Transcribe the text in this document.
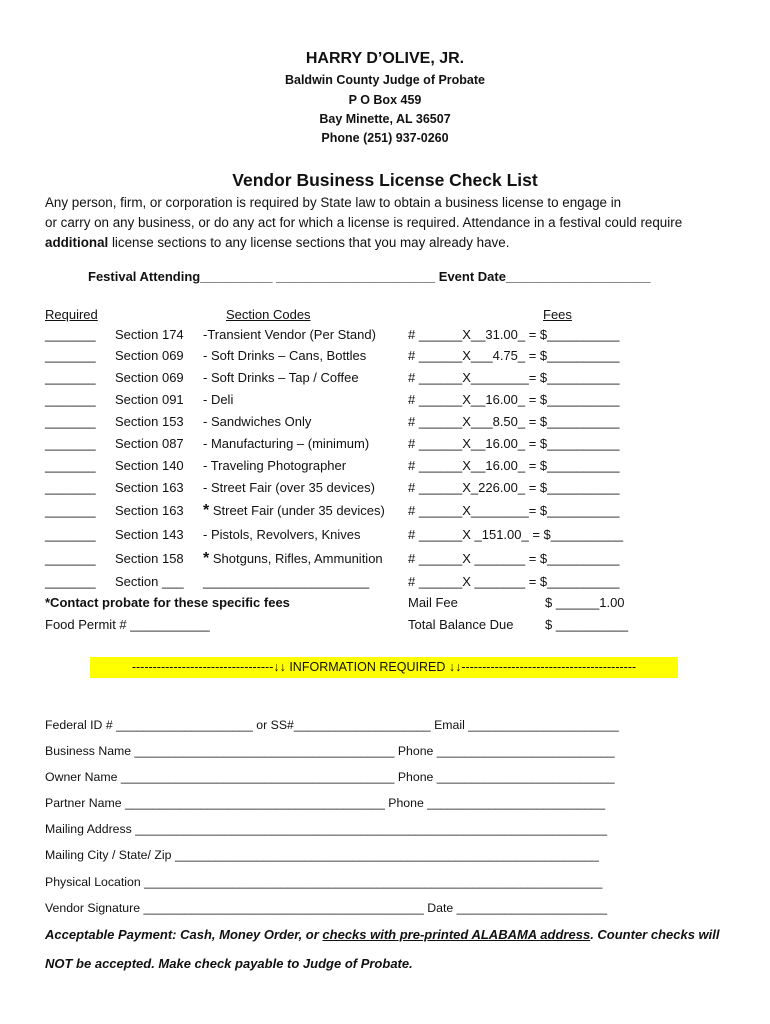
HARRY D’OLIVE, JR.
Baldwin County Judge of Probate
P O Box 459
Bay Minette, AL 36507
Phone (251) 937-0260
Vendor Business License Check List
Any person, firm, or corporation is required by State law to obtain a business license to engage in
or carry on any business, or do any act for which a license is required. Attendance in a festival could require
additional license sections to any license sections that you may already have.
Festival Attending__________ ______________________ Event Date____________________
Required	Section Codes	Fees
_______ Section 174 -Transient Vendor (Per Stand) # ______X__31.00_ = $__________
_______ Section 069 - Soft Drinks – Cans, Bottles	# ______X___4.75_ = $__________
_______ Section 069 - Soft Drinks – Tap / Coffee	# ______X________= $__________
_______ Section 091 - Deli	# ______X__16.00_ = $__________
_______ Section 153 - Sandwiches Only	# ______X___8.50_ = $__________
_______ Section 087 - Manufacturing – (minimum)	# ______X__16.00_ = $__________
_______ Section 140 - Traveling Photographer	# ______X__16.00_ = $__________
_______ Section 163 - Street Fair (over 35 devices)	# ______X_226.00_ = $__________
_______ Section 163 * Street Fair (under 35 devices) # ______X________= $__________
_______ Section 143 - Pistols, Revolvers, Knives	# ______X _151.00_ = $__________
_______ Section 158 * Shotguns, Rifles, Ammunition # ______X _______ = $__________
_______ Section ___ _______________________	# ______X _______ = $__________
*Contact probate for these specific fees	Mail Fee	$ ______1.00
Food Permit # ___________	Total Balance Due $ __________
----------------------------------↓↓ INFORMATION REQUIRED ↓↓------------------------------------------
Federal ID # ____________________ or SS#____________________ Email ______________________
Business Name ______________________________________ Phone __________________________
Owner Name ________________________________________ Phone __________________________
Partner Name ______________________________________ Phone __________________________
Mailing Address _____________________________________________________________________
Mailing City / State/ Zip ______________________________________________________________
Physical Location ___________________________________________________________________
Vendor Signature _________________________________________ Date ______________________
Acceptable Payment: Cash, Money Order, or checks with pre-printed ALABAMA address. Counter checks will
NOT be accepted. Make check payable to Judge of Probate.
